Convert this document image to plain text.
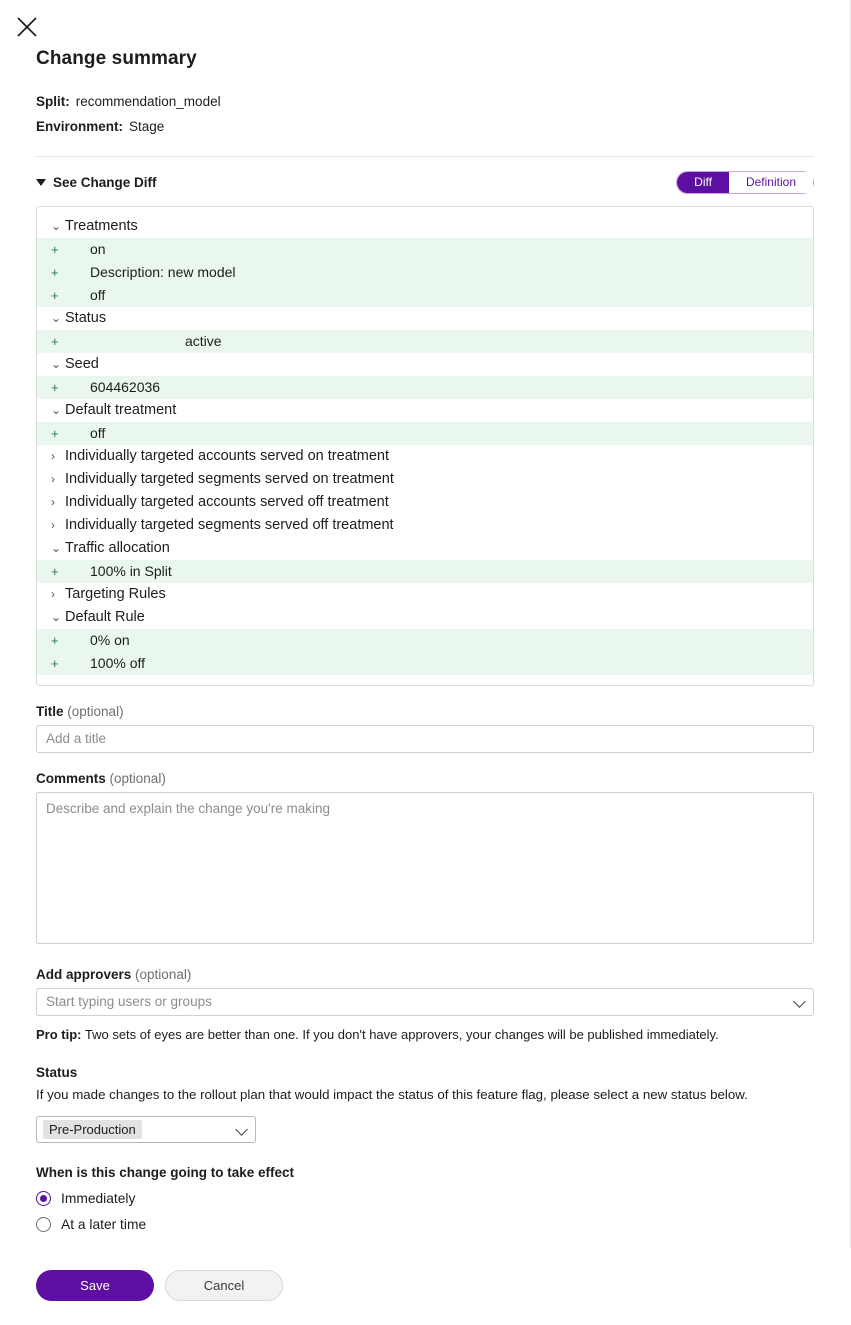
Change summary
Split: recommendation_model
Environment: Stage
See Change Diff	Diff	Definition
⌄ Treatments
+	on
+	Description: new model
+	off
⌄ Status
+	active
⌄ Seed
+	604462036
⌄ Default treatment
+	off
› Individually targeted accounts served on treatment
› Individually targeted segments served on treatment
› Individually targeted accounts served off treatment
› Individually targeted segments served off treatment
⌄ Traffic allocation
+	100% in Split
› Targeting Rules
⌄ Default Rule
+	0% on
+	100% off
Title (optional)
Add a title
Comments (optional)
Describe and explain the change you're making
Add approvers (optional)
Start typing users or groups
Pro tip: Two sets of eyes are better than one. If you don't have approvers, your changes will be published immediately.
Status
If you made changes to the rollout plan that would impact the status of this feature flag, please select a new status below.
Pre-Production
When is this change going to take effect
Immediately
At a later time
Save	Cancel
